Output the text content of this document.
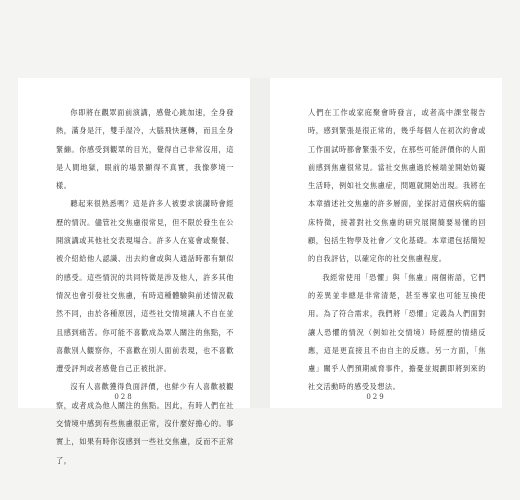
你即將在觀眾面前演講，感覺心跳加速，全身發熱，滿身是汗，雙手湿冷，大腦飛快運轉，而且全身緊繃。你感受到觀眾的目光，覺得自己非常沒用，這是人間地獄，眼前的場景顯得不真實，我像夢境一樣。

聽起來很熟悉嗎？這是許多人被要求演講時會經歷的情況。儘管社交焦慮很常見，但不限於發生在公開演講或其他社交表現場合。許多人在宴會或聚餐、被介紹給他人認識、出去約會或與人通話時都有類似的感受。這些情況的共同特徵是涉及他人，許多其他情況也會引發社交焦慮，有時這種體驗與前述情況截然不同，由於各種原因，這些社交情境讓人不自在並且感到痛苦。你可能不喜歡成為眾人關注的焦點，不喜歡別人觀察你，不喜歡在別人面前表現，也不喜歡遭受評判或者感覺自己正被批評。

沒有人喜歡獲得負面評價，也鮮少有人喜歡被觀察，或者成為他人關注的焦點。因此，有時人們在社交情境中感到有些焦慮很正常，沒什麼好擔心的。事實上，如果有時你沒感到一些社交焦慮，反而不正常了，

028

人們在工作或家庭聚會時發言，或者高中課堂報告時，感到緊張是很正常的，幾乎每個人在初次約會或工作面試時都會緊張不安，在那些可能評價你的人面前感到焦慮很常見。當社交焦慮過於極端並開始妨礙生活時，例如社交焦慮症，問題就開始出現。我將在本章描述社交焦慮的許多層面，並探討這個疾病的臨床特徵，接著對社交焦慮的研究展開簡要易懂的回顧，包括生物學及社會／文化基礎。本章還包括簡短的自我評估，以確定你的社交焦慮程度。

我經常使用「恐懼」與「焦慮」兩個術語，它們的差異並非總是非常清楚，甚至專家也可能互換使用。為了符合需求，我們將「恐懼」定義為人們面對讓人恐懼的情況（例如社交情境）時經歷的情緒反應，這是更直接且不由自主的反應。另一方面，「焦慮」關乎人們預期威脅事件，擔憂並規劃即將到來的社交活動時的感受及想法。

029
